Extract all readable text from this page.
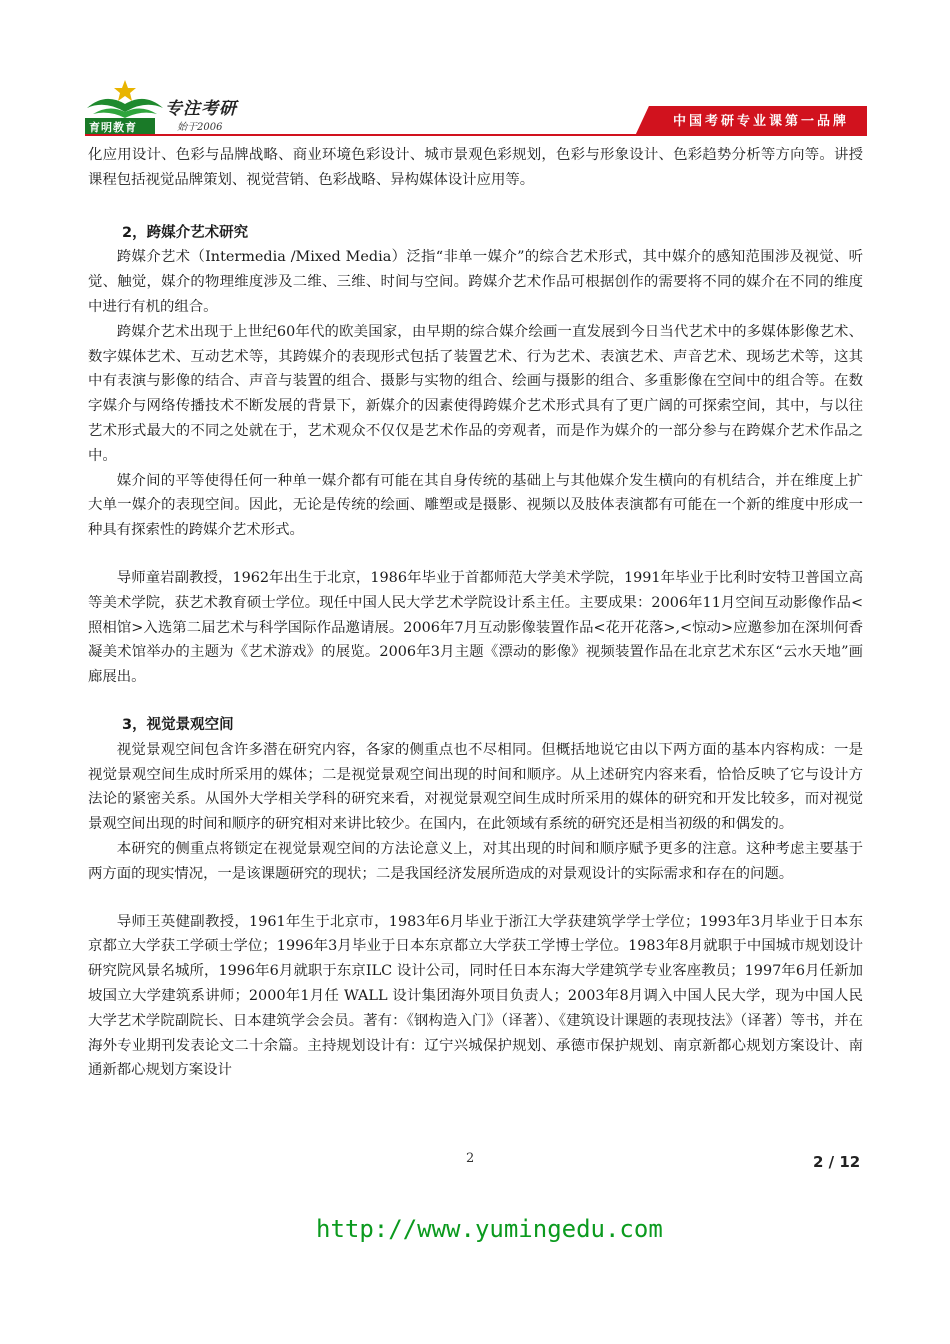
育明教育
专注考研
始于2006	中国考研专业课第一品牌

化应用设计、色彩与品牌战略、商业环境色彩设计、城市景观色彩规划，色彩与形象设计、色彩趋势分析等方向等。讲授课程包括视觉品牌策划、视觉营销、色彩战略、异构媒体设计应用等。

2，跨媒介艺术研究

跨媒介艺术（Intermedia /Mixed Media）泛指“非单一媒介”的综合艺术形式，其中媒介的感知范围涉及视觉、听觉、触觉，媒介的物理维度涉及二维、三维、时间与空间。跨媒介艺术作品可根据创作的需要将不同的媒介在不同的维度中进行有机的组合。

跨媒介艺术出现于上世纪60年代的欧美国家，由早期的综合媒介绘画一直发展到今日当代艺术中的多媒体影像艺术、数字媒体艺术、互动艺术等，其跨媒介的表现形式包括了装置艺术、行为艺术、表演艺术、声音艺术、现场艺术等，这其中有表演与影像的结合、声音与装置的组合、摄影与实物的组合、绘画与摄影的组合、多重影像在空间中的组合等。在数字媒介与网络传播技术不断发展的背景下，新媒介的因素使得跨媒介艺术形式具有了更广阔的可探索空间，其中，与以往艺术形式最大的不同之处就在于，艺术观众不仅仅是艺术作品的旁观者，而是作为媒介的一部分参与在跨媒介艺术作品之中。

媒介间的平等使得任何一种单一媒介都有可能在其自身传统的基础上与其他媒介发生横向的有机结合，并在维度上扩大单一媒介的表现空间。因此，无论是传统的绘画、雕塑或是摄影、视频以及肢体表演都有可能在一个新的维度中形成一种具有探索性的跨媒介艺术形式。

导师童岩副教授，1962年出生于北京，1986年毕业于首都师范大学美术学院，1991年毕业于比利时安特卫普国立高等美术学院，获艺术教育硕士学位。现任中国人民大学艺术学院设计系主任。主要成果：2006年11月空间互动影像作品<照相馆>入选第二届艺术与科学国际作品邀请展。2006年7月互动影像装置作品<花开花落>,<惊动>应邀参加在深圳何香凝美术馆举办的主题为《艺术游戏》的展览。2006年3月主题《漂动的影像》视频装置作品在北京艺术东区“云水天地”画廊展出。

3，视觉景观空间

视觉景观空间包含许多潜在研究内容，各家的侧重点也不尽相同。但概括地说它由以下两方面的基本内容构成：一是视觉景观空间生成时所采用的媒体；二是视觉景观空间出现的时间和顺序。从上述研究内容来看，恰恰反映了它与设计方法论的紧密关系。从国外大学相关学科的研究来看，对视觉景观空间生成时所采用的媒体的研究和开发比较多，而对视觉景观空间出现的时间和顺序的研究相对来讲比较少。在国内，在此领域有系统的研究还是相当初级的和偶发的。

本研究的侧重点将锁定在视觉景观空间的方法论意义上，对其出现的时间和顺序赋予更多的注意。这种考虑主要基于两方面的现实情况，一是该课题研究的现状；二是我国经济发展所造成的对景观设计的实际需求和存在的问题。

导师王英健副教授，1961年生于北京市，1983年6月毕业于浙江大学获建筑学学士学位；1993年3月毕业于日本东京都立大学获工学硕士学位；1996年3月毕业于日本东京都立大学获工学博士学位。1983年8月就职于中国城市规划设计研究院风景名城所，1996年6月就职于东京ILC 设计公司，同时任日本东海大学建筑学专业客座教员；1997年6月任新加坡国立大学建筑系讲师；2000年1月任 WALL 设计集团海外项目负责人；2003年8月调入中国人民大学，现为中国人民大学艺术学院副院长、日本建筑学会会员。著有：《钢构造入门》（译著）、《建筑设计课题的表现技法》（译著）等书，并在海外专业期刊发表论文二十余篇。主持规划设计有：辽宁兴城保护规划、承德市保护规划、南京新都心规划方案设计、南通新都心规划方案设计

2	2 / 12
http://www.yumingedu.com
